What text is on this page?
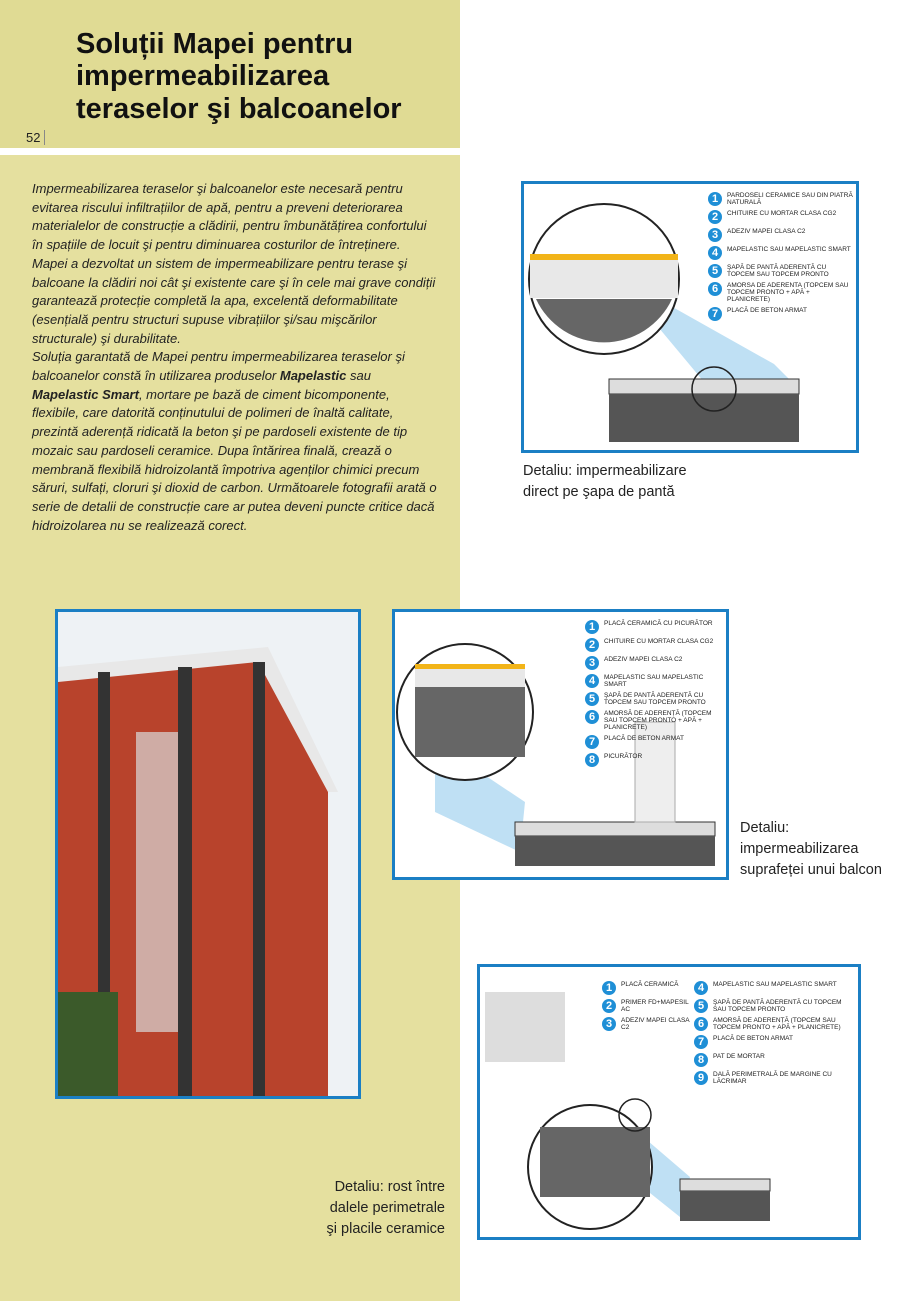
Soluții Mapei pentru
impermeabilizarea
teraselor şi balcoanelor
52
Impermeabilizarea teraselor şi balcoanelor este necesară pentru evitarea riscului infiltrațiilor de apă, pentru a preveni deteriorarea materialelor de construcție a clădirii, pentru îmbunătățirea confortului în spațiile de locuit şi pentru diminuarea costurilor de întreținere. Mapei a dezvoltat un sistem de impermeabilizare pentru terase şi balcoane la clădiri noi cât şi existente care şi în cele mai grave condiții garantează protecție completă la apa, excelentă deformabilitate (esențială pentru structuri supuse vibrațiilor şi/sau mişcărilor structurale) şi durabilitate.
Soluția garantată de Mapei pentru impermeabilizarea teraselor şi balcoanelor constă în utilizarea produselor Mapelastic sau Mapelastic Smart, mortare pe bază de ciment bicomponente, flexibile, care datorită conținutului de polimeri de înaltă calitate, prezintă aderență ridicată la beton şi pe pardoseli existente de tip mozaic sau pardoseli ceramice. Dupa întărirea finală, crează o membrană flexibilă hidroizolantă împotriva agenților chimici precum săruri, sulfați, cloruri şi dioxid de carbon. Următoarele fotografii arată o serie de detalii de construcție care ar putea deveni puncte critice dacă hidroizolarea nu se realizează corect.
1	PARDOSELI CERAMICE SAU DIN PIATRĂ NATURALĂ
2	CHITUIRE CU MORTAR CLASA CG2
3	ADEZIV MAPEI CLASA C2
4	MAPELASTIC SAU MAPELASTIC SMART
5	ŞAPĂ DE PANTĂ ADERENTĂ CU TOPCEM SAU TOPCEM PRONTO
6	AMORSA DE ADERENTA (TOPCEM SAU TOPCEM PRONTO + APĂ + PLANICRETE)
7	PLACĂ DE BETON ARMAT
Detaliu: impermeabilizare
direct pe şapa de pantă
1	PLACĂ CERAMICĂ CU PICURĂTOR
2	CHITUIRE CU MORTAR CLASA CG2
3	ADEZIV MAPEI CLASA C2
4	MAPELASTIC SAU MAPELASTIC SMART
5	ŞAPĂ DE PANTĂ ADERENTĂ CU TOPCEM SAU TOPCEM PRONTO
6	AMORSĂ DE ADERENȚĂ (TOPCEM SAU TOPCEM PRONTO + APĂ + PLANICRETE)
7	PLACĂ DE BETON ARMAT
8	PICURĂTOR
Detaliu:
impermeabilizarea
suprafeței unui balcon
1	PLACĂ CERAMICĂ
2	PRIMER FD+MAPESIL AC
3	ADEZIV MAPEI CLASA C2
4	MAPELASTIC SAU MAPELASTIC SMART
5	ŞAPĂ DE PANTĂ ADERENTĂ CU TOPCEM SAU TOPCEM PRONTO
6	AMORSĂ DE ADERENȚĂ (TOPCEM SAU TOPCEM PRONTO + APĂ + PLANICRETE)
7	PLACĂ DE BETON ARMAT
8	PAT DE MORTAR
9	DALĂ PERIMETRALĂ DE MARGINE CU LĂCRIMAR
Detaliu: rost între
dalele perimetrale
şi placile ceramice
